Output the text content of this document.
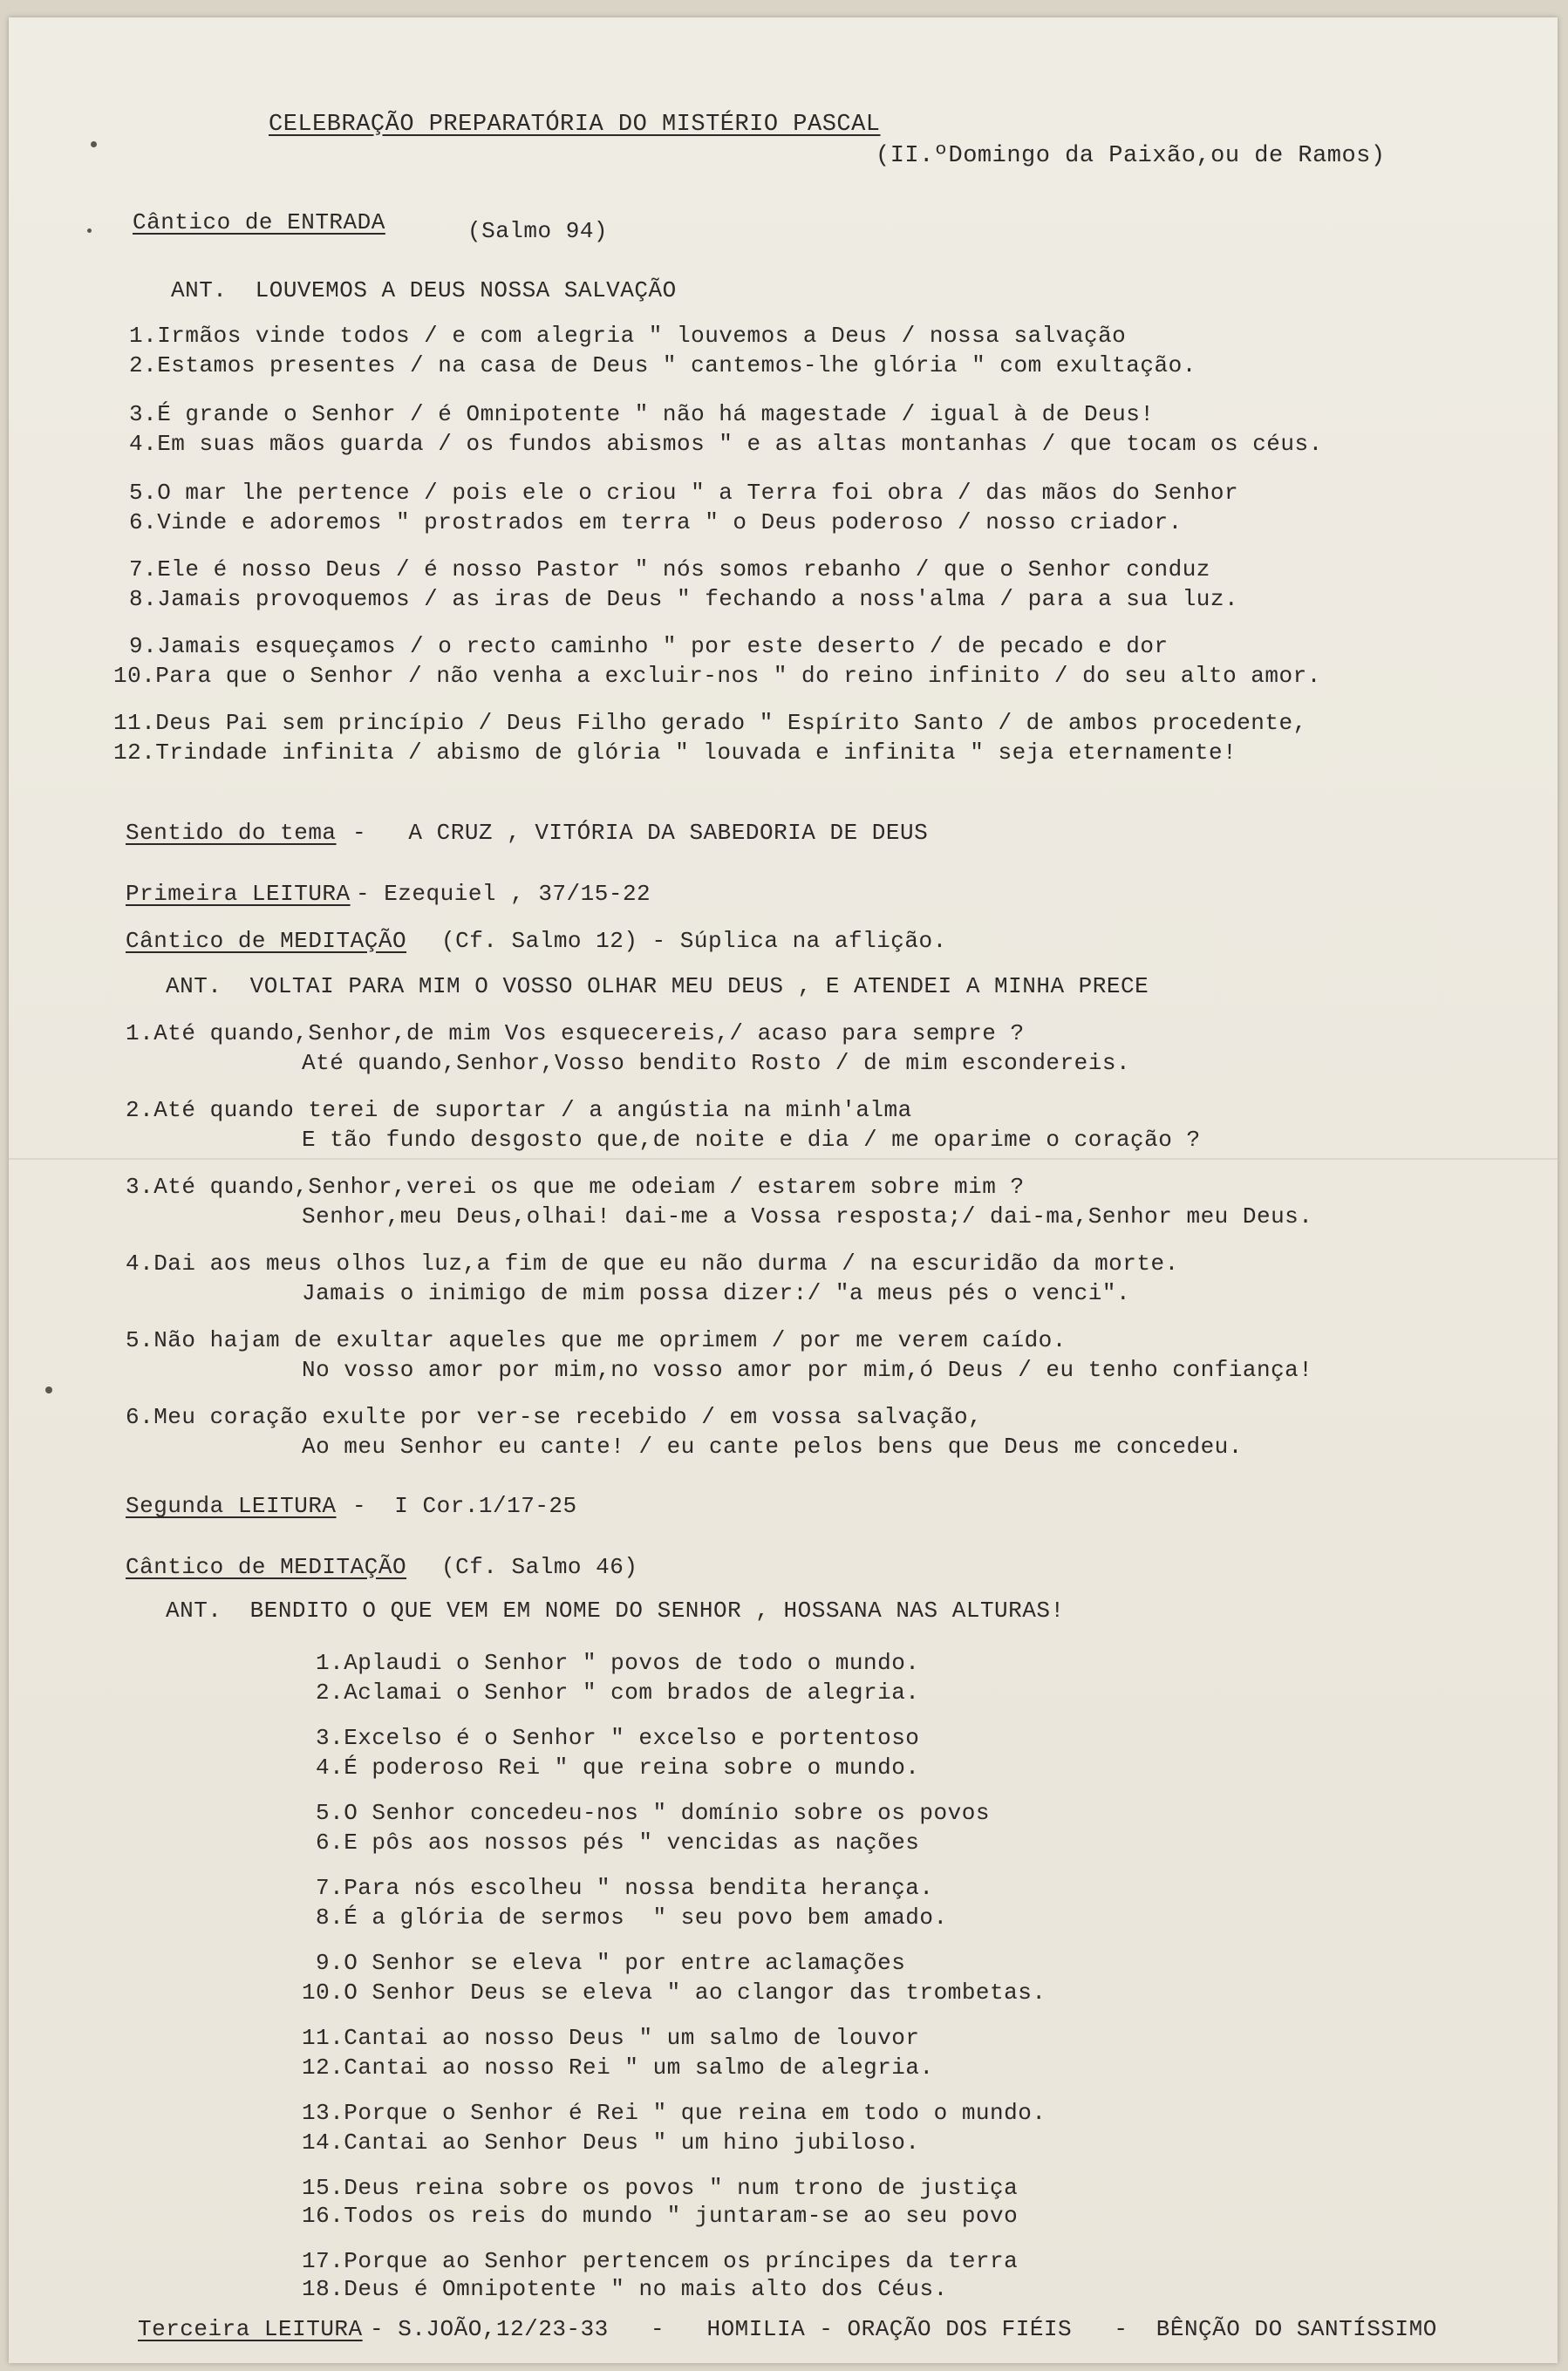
CELEBRAÇÃO PREPARATÓRIA DO MISTÉRIO PASCAL
(II.ºDomingo da Paixão,ou de Ramos)
Cântico de ENTRADA	(Salmo 94)
ANT.  LOUVEMOS A DEUS NOSSA SALVAÇÃO
1.Irmãos vinde todos / e com alegria " louvemos a Deus / nossa salvação
2.Estamos presentes / na casa de Deus " cantemos-lhe glória " com exultação.
3.É grande o Senhor / é Omnipotente " não há magestade / igual à de Deus!
4.Em suas mãos guarda / os fundos abismos " e as altas montanhas / que tocam os céus.
5.O mar lhe pertence / pois ele o criou " a Terra foi obra / das mãos do Senhor
6.Vinde e adoremos " prostrados em terra " o Deus poderoso / nosso criador.
7.Ele é nosso Deus / é nosso Pastor " nós somos rebanho / que o Senhor conduz
8.Jamais provoquemos / as iras de Deus " fechando a noss'alma / para a sua luz.
9.Jamais esqueçamos / o recto caminho " por este deserto / de pecado e dor
10.Para que o Senhor / não venha a excluir-nos " do reino infinito / do seu alto amor.
11.Deus Pai sem princípio / Deus Filho gerado " Espírito Santo / de ambos procedente,
12.Trindade infinita / abismo de glória " louvada e infinita " seja eternamente!
Sentido do tema -   A CRUZ , VITÓRIA DA SABEDORIA DE DEUS
Primeira LEITURA - Ezequiel , 37/15-22
Cântico de MEDITAÇÃO (Cf. Salmo 12) - Súplica na aflição.
ANT.  VOLTAI PARA MIM O VOSSO OLHAR MEU DEUS , E ATENDEI A MINHA PRECE
1.Até quando,Senhor,de mim Vos esquecereis,/ acaso para sempre ?
Até quando,Senhor,Vosso bendito Rosto / de mim escondereis.
2.Até quando terei de suportar / a angústia na minh'alma
E tão fundo desgosto que,de noite e dia / me oparime o coração ?
3.Até quando,Senhor,verei os que me odeiam / estarem sobre mim ?
Senhor,meu Deus,olhai! dai-me a Vossa resposta;/ dai-ma,Senhor meu Deus.
4.Dai aos meus olhos luz,a fim de que eu não durma / na escuridão da morte.
Jamais o inimigo de mim possa dizer:/ "a meus pés o venci".
5.Não hajam de exultar aqueles que me oprimem / por me verem caído.
No vosso amor por mim,no vosso amor por mim,ó Deus / eu tenho confiança!
6.Meu coração exulte por ver-se recebido / em vossa salvação,
Ao meu Senhor eu cante! / eu cante pelos bens que Deus me concedeu.
Segunda LEITURA -  I Cor.1/17-25
Cântico de MEDITAÇÃO (Cf. Salmo 46)
ANT.  BENDITO O QUE VEM EM NOME DO SENHOR , HOSSANA NAS ALTURAS!
1.Aplaudi o Senhor " povos de todo o mundo.
2.Aclamai o Senhor " com brados de alegria.
3.Excelso é o Senhor " excelso e portentoso
4.É poderoso Rei " que reina sobre o mundo.
5.O Senhor concedeu-nos " domínio sobre os povos
6.E pôs aos nossos pés " vencidas as nações
7.Para nós escolheu " nossa bendita herança.
8.É a glória de sermos  " seu povo bem amado.
9.O Senhor se eleva " por entre aclamações
10.O Senhor Deus se eleva " ao clangor das trombetas.
11.Cantai ao nosso Deus " um salmo de louvor
12.Cantai ao nosso Rei " um salmo de alegria.
13.Porque o Senhor é Rei " que reina em todo o mundo.
14.Cantai ao Senhor Deus " um hino jubiloso.
15.Deus reina sobre os povos " num trono de justiça
16.Todos os reis do mundo " juntaram-se ao seu povo
17.Porque ao Senhor pertencem os príncipes da terra
18.Deus é Omnipotente " no mais alto dos Céus.
Terceira LEITURA - S.JOÃO,12/23-33   -   HOMILIA - ORAÇÃO DOS FIÉIS   -  BÊNÇÃO DO SANTÍSSIMO
